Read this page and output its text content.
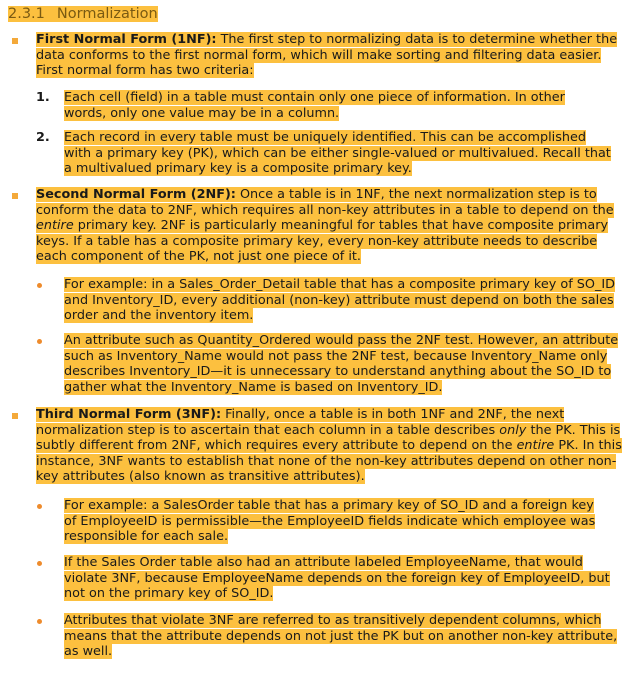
2.3.1 Normalization
First Normal Form (1NF): The first step to normalizing data is to determine whether the data conforms to the first normal form, which will make sorting and filtering data easier. First normal form has two criteria:
1. Each cell (field) in a table must contain only one piece of information. In other words, only one value may be in a column.
2. Each record in every table must be uniquely identified. This can be accomplished with a primary key (PK), which can be either single-valued or multivalued. Recall that a multivalued primary key is a composite primary key.
Second Normal Form (2NF): Once a table is in 1NF, the next normalization step is to conform the data to 2NF, which requires all non-key attributes in a table to depend on the entire primary key. 2NF is particularly meaningful for tables that have composite primary keys. If a table has a composite primary key, every non-key attribute needs to describe each component of the PK, not just one piece of it.
For example: in a Sales_Order_Detail table that has a composite primary key of SO_ID and Inventory_ID, every additional (non-key) attribute must depend on both the sales order and the inventory item.
An attribute such as Quantity_Ordered would pass the 2NF test. However, an attribute such as Inventory_Name would not pass the 2NF test, because Inventory_Name only describes Inventory_ID—it is unnecessary to understand anything about the SO_ID to gather what the Inventory_Name is based on Inventory_ID.
Third Normal Form (3NF): Finally, once a table is in both 1NF and 2NF, the next normalization step is to ascertain that each column in a table describes only the PK. This is subtly different from 2NF, which requires every attribute to depend on the entire PK. In this instance, 3NF wants to establish that none of the non-key attributes depend on other non-key attributes (also known as transitive attributes).
For example: a SalesOrder table that has a primary key of SO_ID and a foreign key of EmployeeID is permissible—the EmployeeID fields indicate which employee was responsible for each sale.
If the Sales Order table also had an attribute labeled EmployeeName, that would violate 3NF, because EmployeeName depends on the foreign key of EmployeeID, but not on the primary key of SO_ID.
Attributes that violate 3NF are referred to as transitively dependent columns, which means that the attribute depends on not just the PK but on another non-key attribute, as well.
